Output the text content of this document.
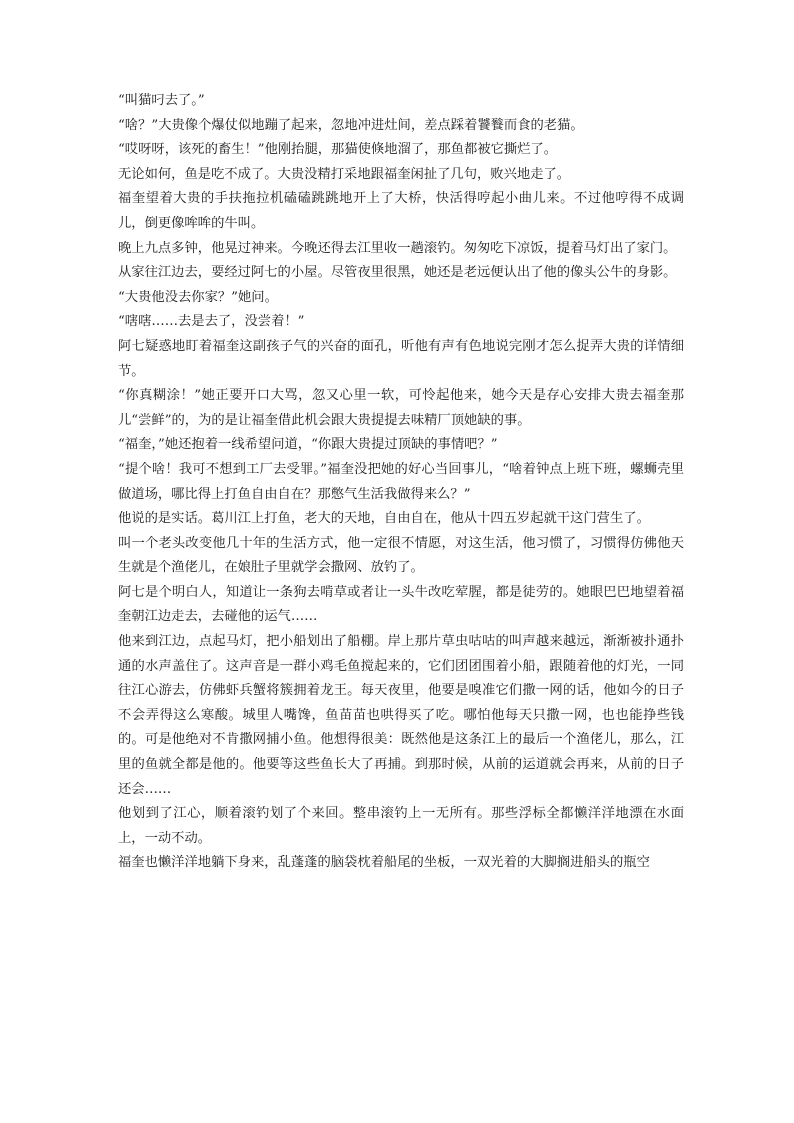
“叫猫叼去了。”

“啥？”大贵像个爆仗似地蹦了起来，忽地冲进灶间，差点踩着饕餮而食的老猫。

“哎呀呀，该死的畜生！”他刚抬腿，那猫使倏地溜了，那鱼都被它撕烂了。

无论如何，鱼是吃不成了。大贵没精打采地跟福奎闲扯了几句，败兴地走了。

福奎望着大贵的手扶拖拉机磕磕跳跳地开上了大桥，快活得哼起小曲儿来。不过他哼得不成调儿，倒更像哞哞的牛叫。

晚上九点多钟，他晃过神来。今晚还得去江里收一趟滚钓。匆匆吃下凉饭，提着马灯出了家门。

从家往江边去，要经过阿七的小屋。尽管夜里很黑，她还是老远便认出了他的像头公牛的身影。

“大贵他没去你家？”她问。

“嗐嗐……去是去了，没尝着！”

阿七疑惑地盯着福奎这副孩子气的兴奋的面孔，听他有声有色地说完刚才怎么捉弄大贵的详情细节。

“你真糊涂！”她正要开口大骂，忽又心里一软，可怜起他来，她今天是存心安排大贵去福奎那儿“尝鲜”的，为的是让福奎借此机会跟大贵提提去味精厂顶她缺的事。

“福奎，”她还抱着一线希望问道，“你跟大贵提过顶缺的事情吧？”

“提个啥！我可不想到工厂去受罪。”福奎没把她的好心当回事儿，“啥着钟点上班下班，螺蛳壳里做道场，哪比得上打鱼自由自在？那憋气生活我做得来么？”

他说的是实话。葛川江上打鱼，老大的天地，自由自在，他从十四五岁起就干这门营生了。

叫一个老头改变他几十年的生活方式，他一定很不情愿，对这生活，他习惯了，习惯得仿佛他天生就是个渔佬儿，在娘肚子里就学会撒网、放钓了。

阿七是个明白人，知道让一条狗去啃草或者让一头牛改吃荤腥，都是徒劳的。她眼巴巴地望着福奎朝江边走去，去碰他的运气……

他来到江边，点起马灯，把小船划出了船棚。岸上那片草虫咕咕的叫声越来越远，渐渐被扑通扑通的水声盖住了。这声音是一群小鸡毛鱼搅起来的，它们团团围着小船，跟随着他的灯光，一同往江心游去，仿佛虾兵蟹将簇拥着龙王。每天夜里，他要是嗅准它们撒一网的话，他如今的日子不会弄得这么寒酸。城里人嘴馋，鱼苗苗也哄得买了吃。哪怕他每天只撒一网，也也能挣些钱的。可是他绝对不肯撒网捕小鱼。他想得很美：既然他是这条江上的最后一个渔佬儿，那么，江里的鱼就全都是他的。他要等这些鱼长大了再捕。到那时候，从前的运道就会再来，从前的日子还会……

他划到了江心，顺着滚钓划了个来回。整串滚钓上一无所有。那些浮标全都懒洋洋地漂在水面上，一动不动。

福奎也懒洋洋地躺下身来，乱蓬蓬的脑袋枕着船尾的坐板，一双光着的大脚搁进船头的瓶空
